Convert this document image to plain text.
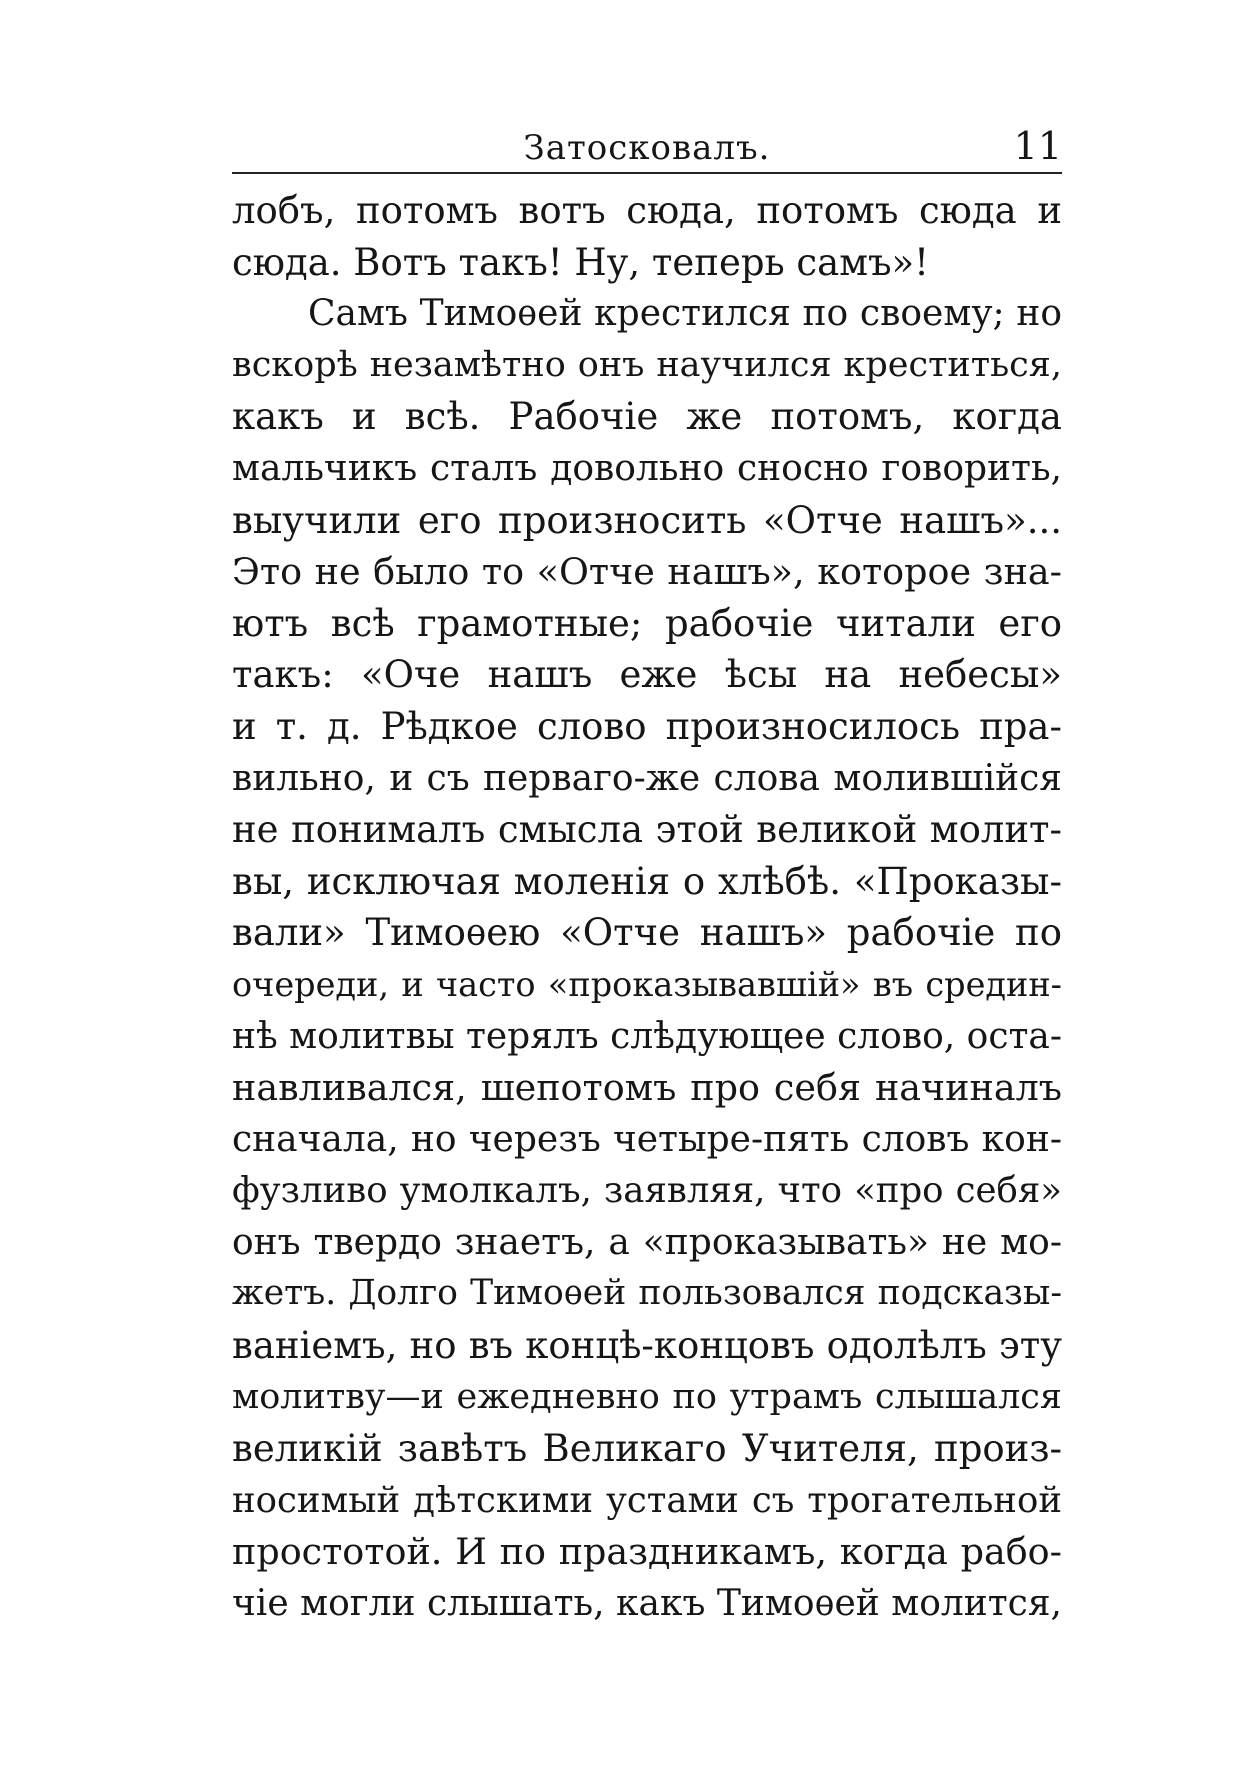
Затосковалъ.	11
лобъ, потомъ вотъ сюда, потомъ сюда и
сюда. Вотъ такъ! Ну, теперь самъ»!
Самъ Тимоѳей крестился по своему; но
вскорѣ незамѣтно онъ научился креститься,
какъ и всѣ. Рабочіе же потомъ, когда
мальчикъ сталъ довольно сносно говорить,
выучили его произносить «Отче нашъ»...
Это не было то «Отче нашъ», которое зна-
ютъ всѣ грамотные; рабочіе читали его
такъ: «Оче нашъ еже ѣсы на небесы»
и т. д. Рѣдкое слово произносилось пра-
вильно, и съ перваго-же слова молившійся
не понималъ смысла этой великой молит-
вы, исключая моленія о хлѣбѣ. «Проказы-
вали» Тимоѳею «Отче нашъ» рабочіе по
очереди, и часто «проказывавшій» въ средин-
нѣ молитвы терялъ слѣдующее слово, оста-
навливался, шепотомъ про себя начиналъ
сначала, но черезъ четыре-пять словъ кон-
фузливо умолкалъ, заявляя, что «про себя»
онъ твердо знаетъ, а «проказывать» не мо-
жетъ. Долго Тимоѳей пользовался подсказы-
ваніемъ, но въ концѣ-концовъ одолѣлъ эту
молитву—и ежедневно по утрамъ слышался
великій завѣтъ Великаго Учителя, произ-
носимый дѣтскими устами съ трогательной
простотой. И по праздникамъ, когда рабо-
чіе могли слышать, какъ Тимоѳей молится,
